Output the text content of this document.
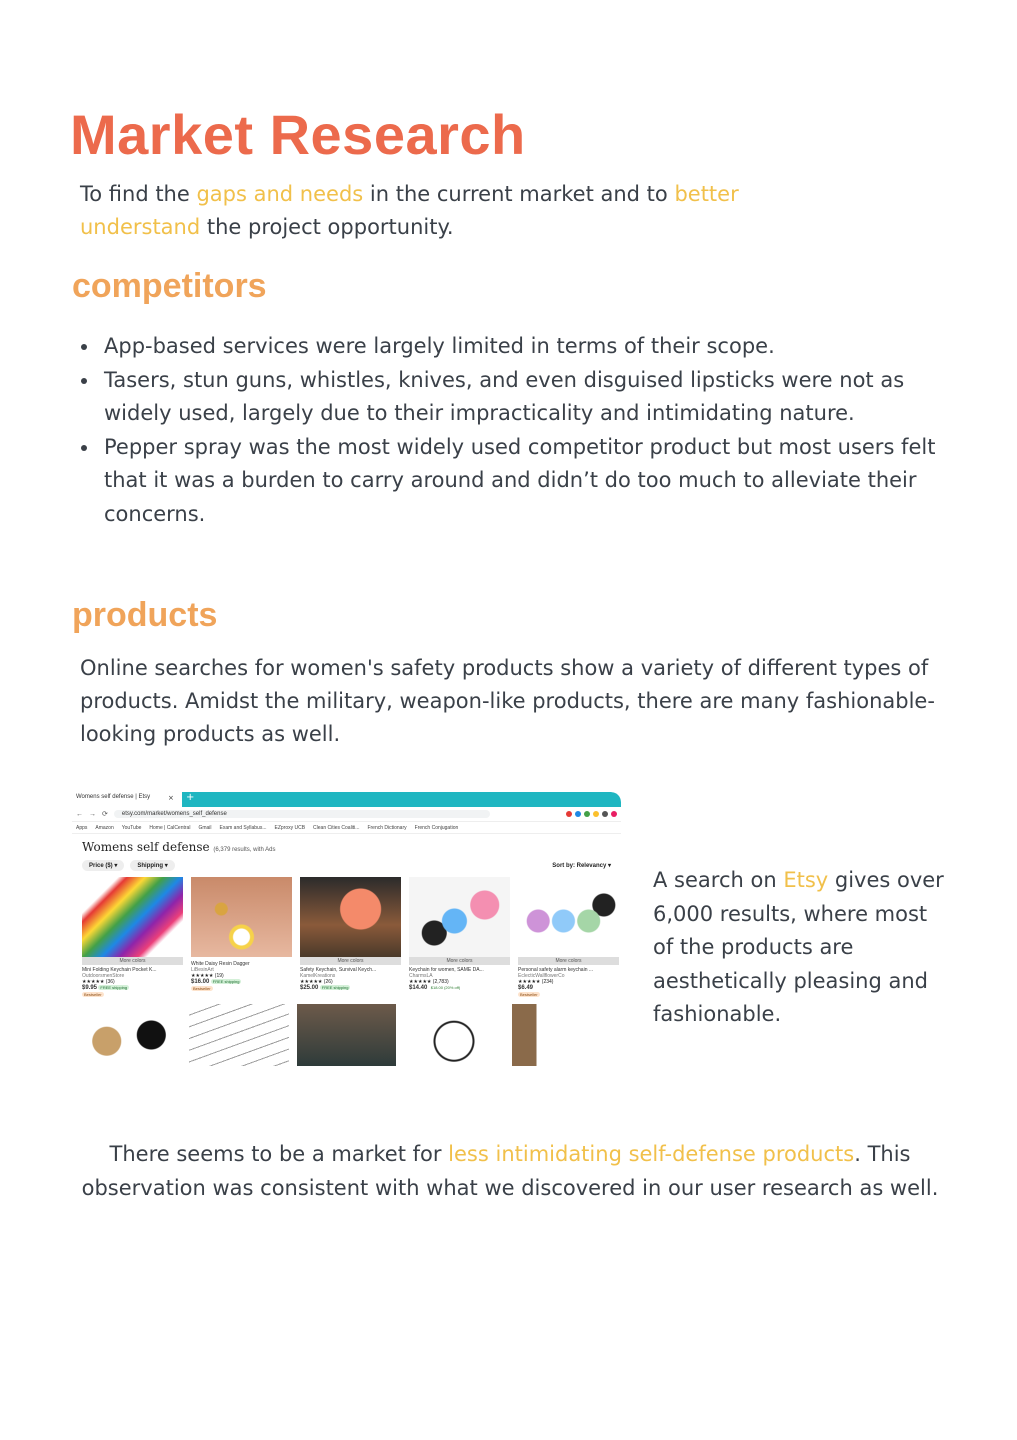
Market Research

To find the gaps and needs in the current market and to better understand the project opportunity.

competitors
App-based services were largely limited in terms of their scope.
Tasers, stun guns, whistles, knives, and even disguised lipsticks were not as widely used, largely due to their impracticality and intimidating nature.
Pepper spray was the most widely used competitor product but most users felt that it was a burden to carry around and didn’t do too much to alleviate their concerns.
products

Online searches for women's safety products show a variety of different types of products. Amidst the military, weapon-like products, there are many fashionable-looking products as well.

Womens self defense | Etsy	× +
← → ⟳	etsy.com/market/womens_self_defense
Apps Amazon YouTube Home | CalCentral Gmail Exam and Syllabus... EZproxy UCB Clean Cities Coaliti... French Dictionary French Conjugation
Womens self defense (6,379 results, with Ads
Price ($) ▾	Shipping ▾	Sort by: Relevancy ▾
More colors
Mini Folding Keychain Pocket K...
OutdoorsmenStore
★★★★★ (36)
$9.95 FREE shipping
Bestseller
White Daisy Resin Dagger
LiBesinArt
★★★★★ (19)
$16.00 FREE shipping
Bestseller
More colors
Safety Keychain, Survival Keych...
KamelKreations
★★★★★ (26)
$25.00 FREE shipping
More colors
Keychain for women, SAME DA...
CharmsLA
★★★★★ (2,783)
$14.40 $18.00 (20% off)
More colors
Personal safety alarm keychain ...
EclecticWallflowerCo
★★★★★ (234)
$6.49
Bestseller

A search on Etsy gives over 6,000 results, where most of the products are aesthetically pleasing and fashionable.

There seems to be a market for less intimidating self-defense products. This observation was consistent with what we discovered in our user research as well.
